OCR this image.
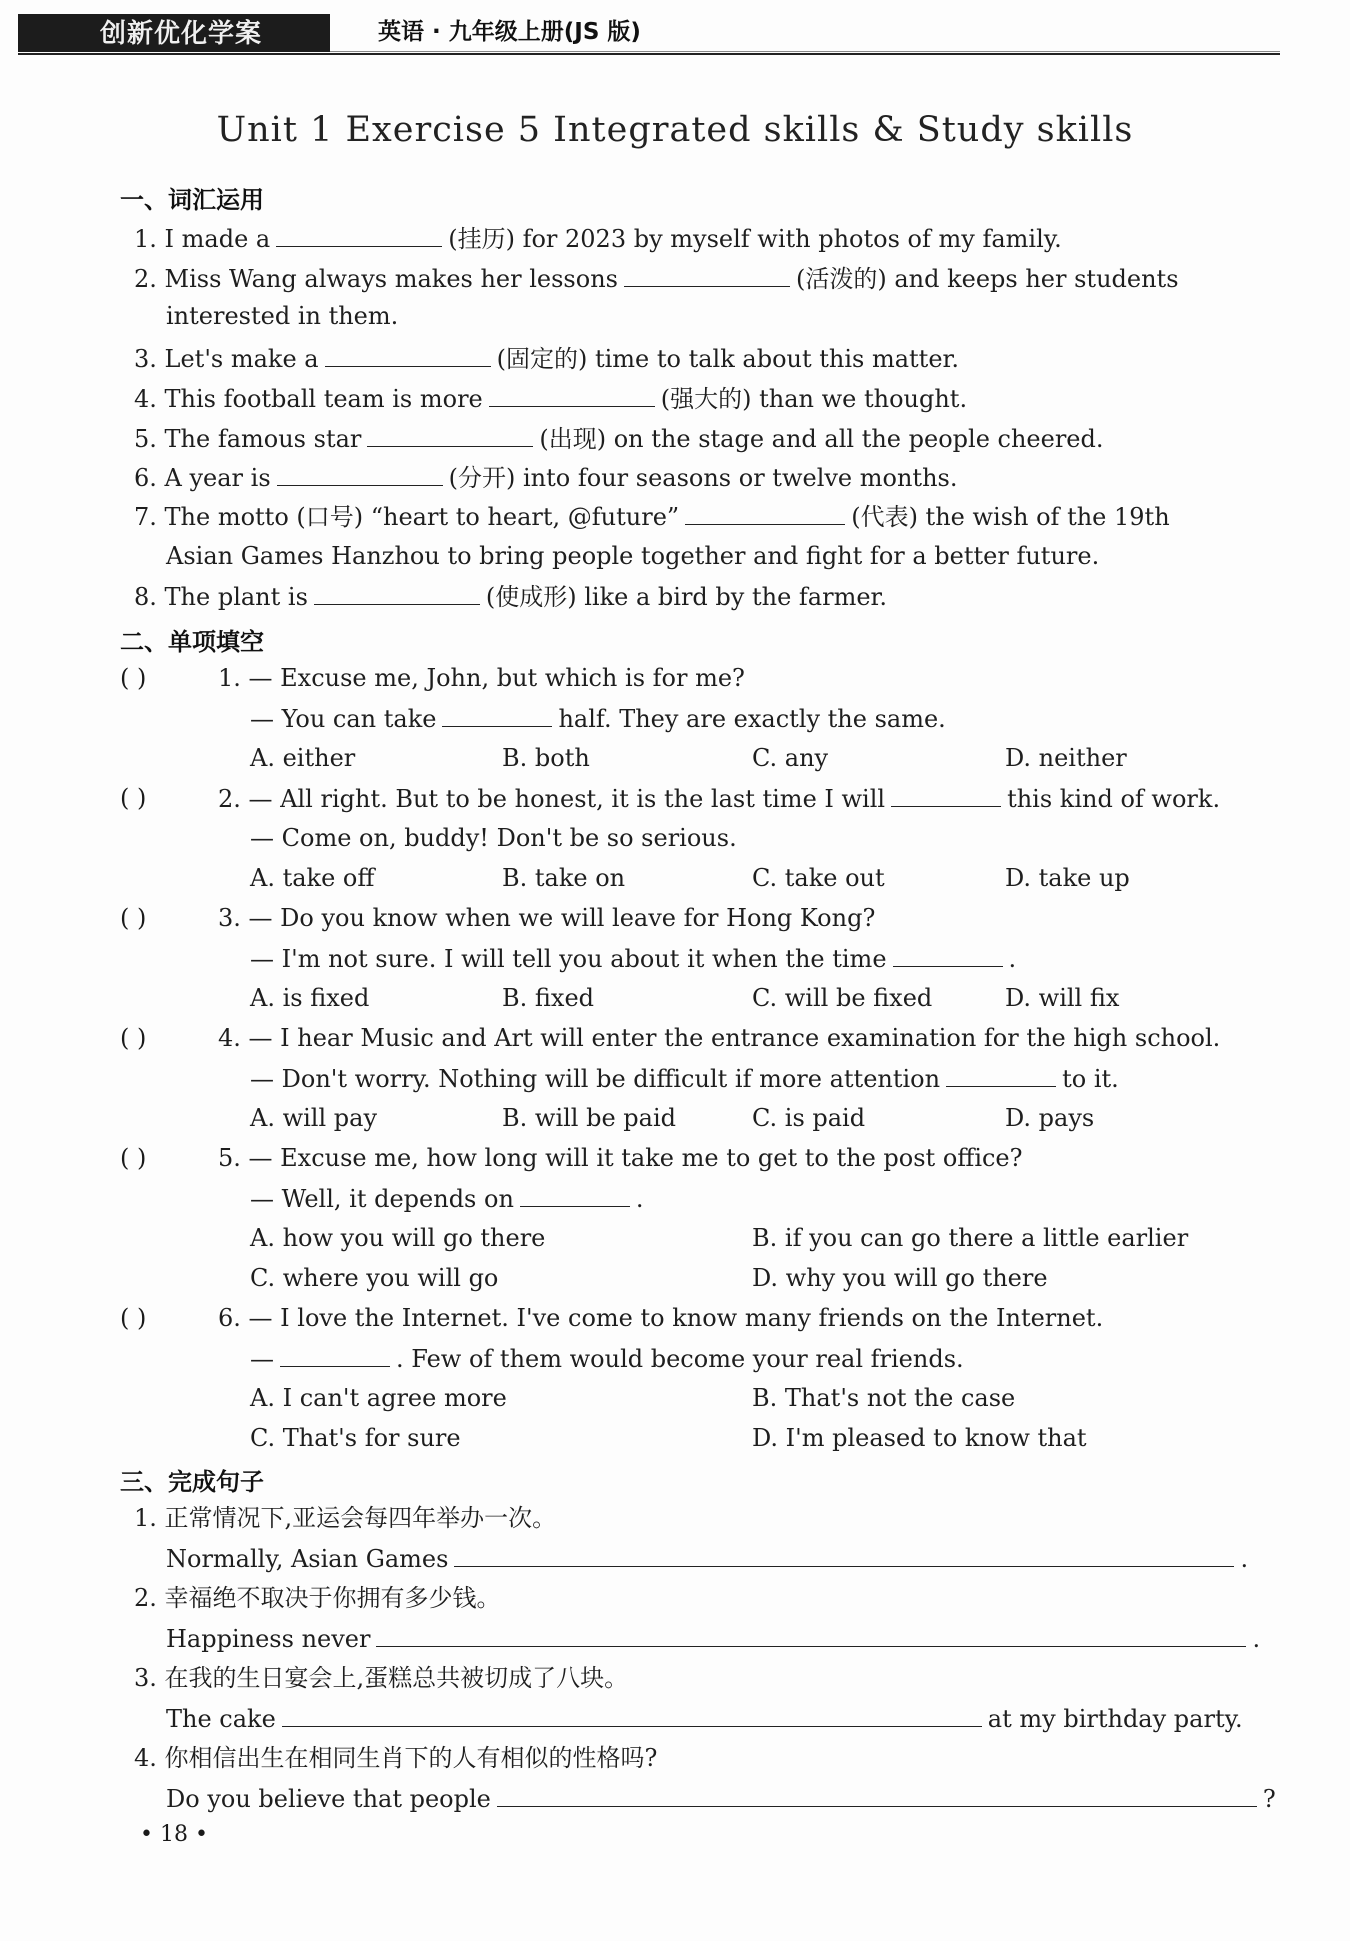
创新优化学案	英语 · 九年级上册(JS 版)
Unit 1 Exercise 5 Integrated skills & Study skills
一、词汇运用
1. I made a	(挂历) for 2023 by myself with photos of my family.
2. Miss Wang always makes her lessons	(活泼的) and keeps her students
interested in them.
3. Let's make a	(固定的) time to talk about this matter.
4. This football team is more	(强大的) than we thought.
5. The famous star	(出现) on the stage and all the people cheered.
6. A year is	(分开) into four seasons or twelve months.
7. The motto (口号) “heart to heart, @future”	(代表) the wish of the 19th
Asian Games Hanzhou to bring people together and fight for a better future.
8. The plant is	(使成形) like a bird by the farmer.
二、单项填空
( )	1. — Excuse me, John, but which is for me?
— You can take	half. They are exactly the same.
A. either	B. both	C. any	D. neither
( )	2. — All right. But to be honest, it is the last time I will	this kind of work.
— Come on, buddy! Don't be so serious.
A. take off	B. take on	C. take out	D. take up
( )	3. — Do you know when we will leave for Hong Kong?
— I'm not sure. I will tell you about it when the time	.
A. is fixed	B. fixed	C. will be fixed	D. will fix
( )	4. — I hear Music and Art will enter the entrance examination for the high school.
— Don't worry. Nothing will be difficult if more attention	to it.
A. will pay	B. will be paid	C. is paid	D. pays
( )	5. — Excuse me, how long will it take me to get to the post office?
— Well, it depends on	.
A. how you will go there	B. if you can go there a little earlier
C. where you will go	D. why you will go there
( )	6. — I love the Internet. I've come to know many friends on the Internet.
—	. Few of them would become your real friends.
A. I can't agree more	B. That's not the case
C. That's for sure	D. I'm pleased to know that
三、完成句子
1. 正常情况下,亚运会每四年举办一次。
Normally, Asian Games	.
2. 幸福绝不取决于你拥有多少钱。
Happiness never	.
3. 在我的生日宴会上,蛋糕总共被切成了八块。
The cake	at my birthday party.
4. 你相信出生在相同生肖下的人有相似的性格吗?
Do you believe that people	?
• 18 •
